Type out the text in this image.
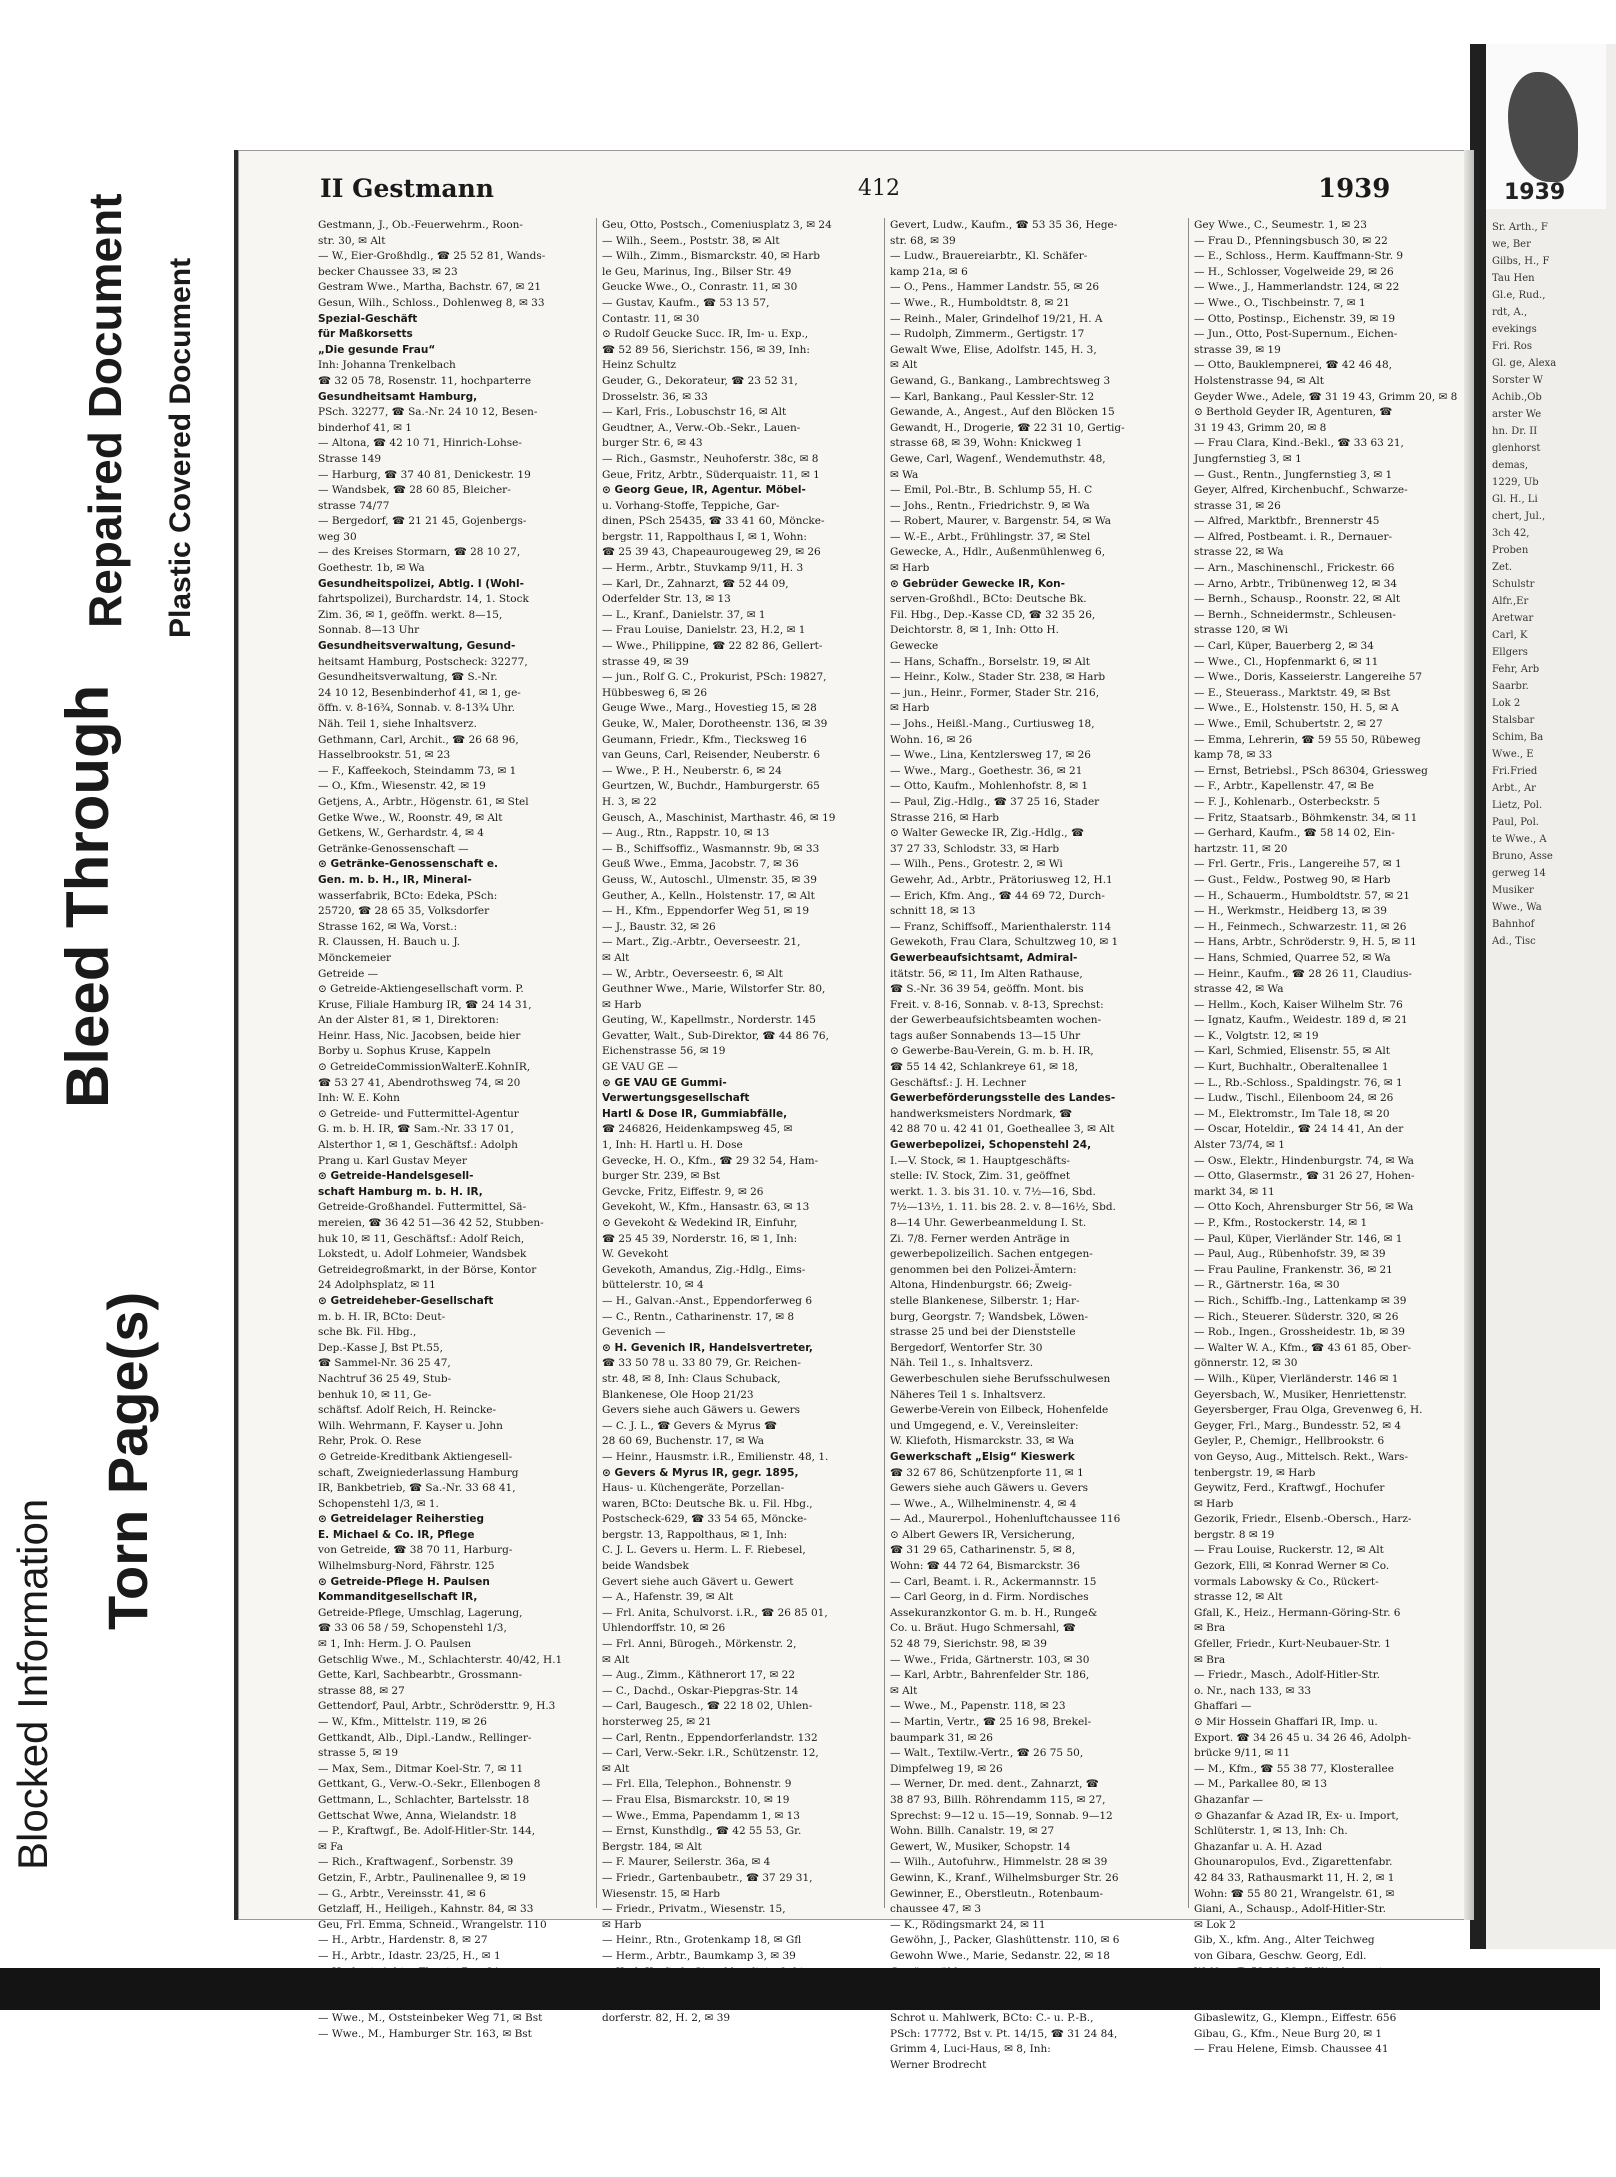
Blocked Information
Torn Page(s)
Bleed Through
Repaired Document Plastic Covered Document
1939
Sr. Arth., F
we, Ber
Gilbs, H., F
Tau Hen
Gl.e, Rud.,
rdt, A.,
evekings
Fri. Ros
Gl. ge, Alexa
Sorster W
Achib.,Ob
arster We
hn. Dr. II
glenhorst
demas,
1229, Ub
Gl. H., Li
chert, Jul.,
3ch 42,
Proben
Zet.
Schulstr
Alfr.,Er
Aretwar
Carl, K
Ellgers
Fehr, Arb
Saarbr.
Lok 2
Stalsbar
Schim, Ba
Wwe., E
Fri.Fried
Arbt., Ar
Lietz, Pol.
Paul, Pol.
te Wwe., A
Bruno, Asse
gerweg 14
Musiker
Wwe., Wa
Bahnhof
Ad., Tisc
II Gestmann	412	1939
Gestmann, J., Ob.-Feuerwehrm., Roon-
str. 30, ✉ Alt
— W., Eier-Großhdlg., ☎ 25 52 81, Wands-
becker Chaussee 33, ✉ 23
Gestram Wwe., Martha, Bachstr. 67, ✉ 21
Gesun, Wilh., Schloss., Dohlenweg 8, ✉ 33
Spezial-Geschäft
für Maßkorsetts
„Die gesunde Frau“
Inh: Johanna Trenkelbach
☎ 32 05 78, Rosenstr. 11, hochparterre
Gesundheitsamt Hamburg,
PSch. 32277, ☎ Sa.-Nr. 24 10 12, Besen-
binderhof 41, ✉ 1
— Altona, ☎ 42 10 71, Hinrich-Lohse-
Strasse 149
— Harburg, ☎ 37 40 81, Denickestr. 19
— Wandsbek, ☎ 28 60 85, Bleicher-
strasse 74/77
— Bergedorf, ☎ 21 21 45, Gojenbergs-
weg 30
— des Kreises Stormarn, ☎ 28 10 27,
Goethestr. 1b, ✉ Wa
Gesundheitspolizei, Abtlg. I (Wohl-
fahrtspolizei), Burchardstr. 14, 1. Stock
Zim. 36, ✉ 1, geöffn. werkt. 8—15,
Sonnab. 8—13 Uhr
Gesundheitsverwaltung, Gesund-
heitsamt Hamburg, Postscheck: 32277,
Gesundheitsverwaltung, ☎ S.-Nr.
24 10 12, Besenbinderhof 41, ✉ 1, ge-
öffn. v. 8-16¾, Sonnab. v. 8-13¾ Uhr.
Näh. Teil 1, siehe Inhaltsverz.
Gethmann, Carl, Archit., ☎ 26 68 96,
Hasselbrookstr. 51, ✉ 23
— F., Kaffeekoch, Steindamm 73, ✉ 1
— O., Kfm., Wiesenstr. 42, ✉ 19
Getjens, A., Arbtr., Högenstr. 61, ✉ Stel
Getke Wwe., W., Roonstr. 49, ✉ Alt
Getkens, W., Gerhardstr. 4, ✉ 4
Getränke-Genossenschaft —
⊙ Getränke-Genossenschaft e.
Gen. m. b. H., IR, Mineral-
wasserfabrik, BCto: Edeka, PSch:
25720, ☎ 28 65 35, Volksdorfer
Strasse 162, ✉ Wa, Vorst.:
R. Claussen, H. Bauch u. J.
Mönckemeier
Getreide —
⊙ Getreide-Aktiengesellschaft vorm. P.
Kruse, Filiale Hamburg IR, ☎ 24 14 31,
An der Alster 81, ✉ 1, Direktoren:
Heinr. Hass, Nic. Jacobsen, beide hier
Borby u. Sophus Kruse, Kappeln
⊙ GetreideCommissionWalterE.KohnIR,
☎ 53 27 41, Abendrothsweg 74, ✉ 20
Inh: W. E. Kohn
⊙ Getreide- und Futtermittel-Agentur
G. m. b. H. IR, ☎ Sam.-Nr. 33 17 01,
Alsterthor 1, ✉ 1, Geschäftsf.: Adolph
Prang u. Karl Gustav Meyer
⊙ Getreide-Handelsgesell-
schaft Hamburg m. b. H. IR,
Getreide-Großhandel. Futtermittel, Sä-
mereien, ☎ 36 42 51—36 42 52, Stubben-
huk 10, ✉ 11, Geschäftsf.: Adolf Reich,
Lokstedt, u. Adolf Lohmeier, Wandsbek
Getreidegroßmarkt, in der Börse, Kontor
24 Adolphsplatz, ✉ 11
⊙ Getreideheber-Gesellschaft
m. b. H. IR, BCto: Deut-
sche Bk. Fil. Hbg.,
Dep.-Kasse J, Bst Pt.55,
☎ Sammel-Nr. 36 25 47,
Nachtruf 36 25 49, Stub-
benhuk 10, ✉ 11, Ge-
schäftsf. Adolf Reich, H. Reincke-
Wilh. Wehrmann, F. Kayser u. John
Rehr, Prok. O. Rese
⊙ Getreide-Kreditbank Aktiengesell-
schaft, Zweigniederlassung Hamburg
IR, Bankbetrieb, ☎ Sa.-Nr. 33 68 41,
Schopenstehl 1/3, ✉ 1.
⊙ Getreidelager Reiherstieg
E. Michael & Co. IR, Pflege
von Getreide, ☎ 38 70 11, Harburg-
Wilhelmsburg-Nord, Fährstr. 125
⊙ Getreide-Pflege H. Paulsen
Kommanditgesellschaft IR,
Getreide-Pflege, Umschlag, Lagerung,
☎ 33 06 58 / 59, Schopenstehl 1/3,
✉ 1, Inh: Herm. J. O. Paulsen
Getschlig Wwe., M., Schlachterstr. 40/42, H.1
Gette, Karl, Sachbearbtr., Grossmann-
strasse 88, ✉ 27
Gettendorf, Paul, Arbtr., Schrödersttr. 9, H.3
— W., Kfm., Mittelstr. 119, ✉ 26
Gettkandt, Alb., Dipl.-Landw., Rellinger-
strasse 5, ✉ 19
— Max, Sem., Ditmar Koel-Str. 7, ✉ 11
Gettkant, G., Verw.-O.-Sekr., Ellenbogen 8
Gettmann, L., Schlachter, Bartelsstr. 18
Gettschat Wwe, Anna, Wielandstr. 18
— P., Kraftwgf., Be. Adolf-Hitler-Str. 144,
✉ Fa
— Rich., Kraftwagenf., Sorbenstr. 39
Getzin, F., Arbtr., Paulinenallee 9, ✉ 19
— G., Arbtr., Vereinsstr. 41, ✉ 6
Getzlaff, H., Heiligeh., Kahnstr. 84, ✉ 33
Geu, Frl. Emma, Schneid., Wrangelstr. 110
— H., Arbtr., Hardenstr. 8, ✉ 27
— H., Arbtr., Idastr. 23/25, H., ✉ 1
— Wwe., M., Oststeinbeker Weg 71, ✉ Bst
— Wwe., M., Hamburger Str. 163, ✉ Bst
Geu, Otto, Postsch., Comeniusplatz 3, ✉ 24
— Wilh., Seem., Poststr. 38, ✉ Alt
— Wilh., Zimm., Bismarckstr. 40, ✉ Harb
le Geu, Marinus, Ing., Bilser Str. 49
Geucke Wwe., O., Conrastr. 11, ✉ 30
— Gustav, Kaufm., ☎ 53 13 57,
Contastr. 11, ✉ 30
⊙ Rudolf Geucke Succ. IR, Im- u. Exp.,
☎ 52 89 56, Sierichstr. 156, ✉ 39, Inh:
Heinz Schultz
Geuder, G., Dekorateur, ☎ 23 52 31,
Drosselstr. 36, ✉ 33
— Karl, Fris., Lobuschstr 16, ✉ Alt
Geudtner, A., Verw.-Ob.-Sekr., Lauen-
burger Str. 6, ✉ 43
— Rich., Gasmstr., Neuhoferstr. 38c, ✉ 8
Geue, Fritz, Arbtr., Süderquaistr. 11, ✉ 1
⊙ Georg Geue, IR, Agentur. Möbel-
u. Vorhang-Stoffe, Teppiche, Gar-
dinen, PSch 25435, ☎ 33 41 60, Möncke-
bergstr. 11, Rappolthaus I, ✉ 1, Wohn:
☎ 25 39 43, Chapeaurougeweg 29, ✉ 26
— Herm., Arbtr., Stuvkamp 9/11, H. 3
— Karl, Dr., Zahnarzt, ☎ 52 44 09,
Oderfelder Str. 13, ✉ 13
— L., Kranf., Danielstr. 37, ✉ 1
— Frau Louise, Danielstr. 23, H.2, ✉ 1
— Wwe., Philippine, ☎ 22 82 86, Gellert-
strasse 49, ✉ 39
— jun., Rolf G. C., Prokurist, PSch: 19827,
Hübbesweg 6, ✉ 26
Geuge Wwe., Marg., Hovestieg 15, ✉ 28
Geuke, W., Maler, Dorotheenstr. 136, ✉ 39
Geumann, Friedr., Kfm., Tiecksweg 16
van Geuns, Carl, Reisender, Neuberstr. 6
— Wwe., P. H., Neuberstr. 6, ✉ 24
Geurtzen, W., Buchdr., Hamburgerstr. 65
H. 3, ✉ 22
Geusch, A., Maschinist, Marthastr. 46, ✉ 19
— Aug., Rtn., Rappstr. 10, ✉ 13
— B., Schiffsoffiz., Wasmannstr. 9b, ✉ 33
Geuß Wwe., Emma, Jacobstr. 7, ✉ 36
Geuss, W., Autoschl., Ulmenstr. 35, ✉ 39
Geuther, A., Kelln., Holstenstr. 17, ✉ Alt
— H., Kfm., Eppendorfer Weg 51, ✉ 19
— J., Baustr. 32, ✉ 26
— Mart., Zig.-Arbtr., Oeverseestr. 21,
✉ Alt
— W., Arbtr., Oeverseestr. 6, ✉ Alt
Geuthner Wwe., Marie, Wilstorfer Str. 80,
✉ Harb
Geuting, W., Kapellmstr., Norderstr. 145
Gevatter, Walt., Sub-Direktor, ☎ 44 86 76,
Eichenstrasse 56, ✉ 19
GE VAU GE —
⊙ GE VAU GE Gummi-
Verwertungsgesellschaft
Hartl & Dose IR, Gummiabfälle,
☎ 246826, Heidenkampsweg 45, ✉
1, Inh: H. Hartl u. H. Dose
Gevecke, H. O., Kfm., ☎ 29 32 54, Ham-
burger Str. 239, ✉ Bst
Gevcke, Fritz, Eiffestr. 9, ✉ 26
Gevekoht, W., Kfm., Hansastr. 63, ✉ 13
⊙ Gevekoht & Wedekind IR, Einfuhr,
☎ 25 45 39, Norderstr. 16, ✉ 1, Inh:
W. Gevekoht
Gevekoth, Amandus, Zig.-Hdlg., Eims-
büttelerstr. 10, ✉ 4
— H., Galvan.-Anst., Eppendorferweg 6
— C., Rentn., Catharinenstr. 17, ✉ 8
Gevenich —
⊙ H. Gevenich IR, Handelsvertreter,
☎ 33 50 78 u. 33 80 79, Gr. Reichen-
str. 48, ✉ 8, Inh: Claus Schuback,
Blankenese, Ole Hoop 21/23
Gevers siehe auch Gäwers u. Gewers
— C. J. L., ☎ Gevers & Myrus ☎
28 60 69, Buchenstr. 17, ✉ Wa
— Heinr., Hausmstr. i.R., Emilienstr. 48, 1.
⊙ Gevers & Myrus IR, gegr. 1895,
Haus- u. Küchengeräte, Porzellan-
waren, BCto: Deutsche Bk. u. Fil. Hbg.,
Postscheck-629, ☎ 33 54 65, Möncke-
bergstr. 13, Rappolthaus, ✉ 1, Inh:
C. J. L. Gevers u. Herm. L. F. Riebesel,
beide Wandsbek
Gevert siehe auch Gävert u. Gewert
— A., Hafenstr. 39, ✉ Alt
— Frl. Anita, Schulvorst. i.R., ☎ 26 85 01,
Uhlendorffstr. 10, ✉ 26
— Frl. Anni, Bürogeh., Mörkenstr. 2,
✉ Alt
— Aug., Zimm., Käthnerort 17, ✉ 22
— C., Dachd., Oskar-Piepgras-Str. 14
— Carl, Baugesch., ☎ 22 18 02, Uhlen-
horsterweg 25, ✉ 21
— Carl, Rentn., Eppendorferlandstr. 132
— Carl, Verw.-Sekr. i.R., Schützenstr. 12,
✉ Alt
— Frl. Ella, Telephon., Bohnenstr. 9
— Frau Elsa, Bismarckstr. 10, ✉ 19
— Wwe., Emma, Papendamm 1, ✉ 13
— Ernst, Kunsthdlg., ☎ 42 55 53, Gr.
Bergstr. 184, ✉ Alt
— F. Maurer, Seilerstr. 36a, ✉ 4
— Friedr., Gartenbaubetr., ☎ 37 29 31,
Wiesenstr. 15, ✉ Harb
— Friedr., Privatm., Wiesenstr. 15,
✉ Harb
— Heinr., Rtn., Grotenkamp 18, ✉ Gfl
— Herm., Arbtr., Baumkamp 3, ✉ 39
dorferstr. 82, H. 2, ✉ 39
Gevert, Ludw., Kaufm., ☎ 53 35 36, Hege-
str. 68, ✉ 39
— Ludw., Brauereiarbtr., Kl. Schäfer-
kamp 21a, ✉ 6
— O., Pens., Hammer Landstr. 55, ✉ 26
— Wwe., R., Humboldtstr. 8, ✉ 21
— Reinh., Maler, Grindelhof 19/21, H. A
— Rudolph, Zimmerm., Gertigstr. 17
Gewalt Wwe, Elise, Adolfstr. 145, H. 3,
✉ Alt
Gewand, G., Bankang., Lambrechtsweg 3
— Karl, Bankang., Paul Kessler-Str. 12
Gewande, A., Angest., Auf den Blöcken 15
Gewandt, H., Drogerie, ☎ 22 31 10, Gertig-
strasse 68, ✉ 39, Wohn: Knickweg 1
Gewe, Carl, Wagenf., Wendemuthstr. 48,
✉ Wa
— Emil, Pol.-Btr., B. Schlump 55, H. C
— Johs., Rentn., Friedrichstr. 9, ✉ Wa
— Robert, Maurer, v. Bargenstr. 54, ✉ Wa
— W.-E., Arbt., Frühlingstr. 37, ✉ Stel
Gewecke, A., Hdlr., Außenmühlenweg 6,
✉ Harb
⊙ Gebrüder Gewecke IR, Kon-
serven-Großhdl., BCto: Deutsche Bk.
Fil. Hbg., Dep.-Kasse CD, ☎ 32 35 26,
Deichtorstr. 8, ✉ 1, Inh: Otto H.
Gewecke
— Hans, Schaffn., Borselstr. 19, ✉ Alt
— Heinr., Kolw., Stader Str. 238, ✉ Harb
— jun., Heinr., Former, Stader Str. 216,
✉ Harb
— Johs., Heißl.-Mang., Curtiusweg 18,
Wohn. 16, ✉ 26
— Wwe., Lina, Kentzlersweg 17, ✉ 26
— Wwe., Marg., Goethestr. 36, ✉ 21
— Otto, Kaufm., Mohlenhofstr. 8, ✉ 1
— Paul, Zig.-Hdlg., ☎ 37 25 16, Stader
Strasse 216, ✉ Harb
⊙ Walter Gewecke IR, Zig.-Hdlg., ☎
37 27 33, Schlodstr. 33, ✉ Harb
— Wilh., Pens., Grotestr. 2, ✉ Wi
Gewehr, Ad., Arbtr., Prätoriusweg 12, H.1
— Erich, Kfm. Ang., ☎ 44 69 72, Durch-
schnitt 18, ✉ 13
— Franz, Schiffsoff., Marienthalerstr. 114
Gewekoth, Frau Clara, Schultzweg 10, ✉ 1
Gewerbeaufsichtsamt, Admiral-
itätstr. 56, ✉ 11, Im Alten Rathause,
☎ S.-Nr. 36 39 54, geöffn. Mont. bis
Freit. v. 8-16, Sonnab. v. 8-13, Sprechst:
der Gewerbeaufsichtsbeamten wochen-
tags außer Sonnabends 13—15 Uhr
⊙ Gewerbe-Bau-Verein, G. m. b. H. IR,
☎ 55 14 42, Schlankreye 61, ✉ 18,
Geschäftsf.: J. H. Lechner
Gewerbeförderungsstelle des Landes-
handwerksmeisters Nordmark, ☎
42 88 70 u. 42 41 01, Goetheallee 3, ✉ Alt
Gewerbepolizei, Schopenstehl 24,
I.—V. Stock, ✉ 1. Hauptgeschäfts-
stelle: IV. Stock, Zim. 31, geöffnet
werkt. 1. 3. bis 31. 10. v. 7½—16, Sbd.
7½—13½, 1. 11. bis 28. 2. v. 8—16½, Sbd.
8—14 Uhr. Gewerbeanmeldung I. St.
Zi. 7/8. Ferner werden Anträge in
gewerbepolizeilich. Sachen entgegen-
genommen bei den Polizei-Ämtern:
Altona, Hindenburgstr. 66; Zweig-
stelle Blankenese, Silberstr. 1; Har-
burg, Georgstr. 7; Wandsbek, Löwen-
strasse 25 und bei der Dienststelle
Bergedorf, Wentorfer Str. 30
Näh. Teil 1., s. Inhaltsverz.
Gewerbeschulen siehe Berufsschulwesen
Näheres Teil 1 s. Inhaltsverz.
Gewerbe-Verein von Eilbeck, Hohenfelde
und Umgegend, e. V., Vereinsleiter:
W. Kliefoth, Hismarckstr. 33, ✉ Wa
Gewerkschaft „Elsig“ Kieswerk
☎ 32 67 86, Schützenpforte 11, ✉ 1
Gewers siehe auch Gäwers u. Gevers
— Wwe., A., Wilhelminenstr. 4, ✉ 4
— Ad., Maurerpol., Hohenluftchaussee 116
⊙ Albert Gewers IR, Versicherung,
☎ 31 29 65, Catharinenstr. 5, ✉ 8,
Wohn: ☎ 44 72 64, Bismarckstr. 36
— Carl, Beamt. i. R., Ackermannstr. 15
— Carl Georg, in d. Firm. Nordisches
Assekuranzkontor G. m. b. H., Runge&
Co. u. Bräut. Hugo Schmersahl, ☎
52 48 79, Sierichstr. 98, ✉ 39
— Wwe., Frida, Gärtnerstr. 103, ✉ 30
— Karl, Arbtr., Bahrenfelder Str. 186,
✉ Alt
— Wwe., M., Papenstr. 118, ✉ 23
— Martin, Vertr., ☎ 25 16 98, Brekel-
baumpark 31, ✉ 26
— Walt., Textilw.-Vertr., ☎ 26 75 50,
Dimpfelweg 19, ✉ 26
— Werner, Dr. med. dent., Zahnarzt, ☎
38 87 93, Billh. Röhrendamm 115, ✉ 27,
Sprechst: 9—12 u. 15—19, Sonnab. 9—12
Wohn. Billh. Canalstr. 19, ✉ 27
Gewert, W., Musiker, Schopstr. 14
— Wilh., Autofuhrw., Himmelstr. 28 ✉ 39
Gewinn, K., Kranf., Wilhelmsburger Str. 26
Gewinner, E., Oberstleutn., Rotenbaum-
chaussee 47, ✉ 3
— K., Rödingsmarkt 24, ✉ 11
Gewöhn, J., Packer, Glashüttenstr. 110, ✉ 6
Gewohn Wwe., Marie, Sedanstr. 22, ✉ 18
Schrot u. Mahlwerk, BCto: C.- u. P.-B.,
PSch: 17772, Bst v. Pt. 14/15, ☎ 31 24 84,
Grimm 4, Luci-Haus, ✉ 8, Inh:
Werner Brodrecht
Gey Wwe., C., Seumestr. 1, ✉ 23
— Frau D., Pfenningsbusch 30, ✉ 22
— E., Schloss., Herm. Kauffmann-Str. 9
— H., Schlosser, Vogelweide 29, ✉ 26
— Wwe., J., Hammerlandstr. 124, ✉ 22
— Wwe., O., Tischbeinstr. 7, ✉ 1
— Otto, Postinsp., Eichenstr. 39, ✉ 19
— Jun., Otto, Post-Supernum., Eichen-
strasse 39, ✉ 19
— Otto, Bauklempnerei, ☎ 42 46 48,
Holstenstrasse 94, ✉ Alt
Geyder Wwe., Adele, ☎ 31 19 43, Grimm 20, ✉ 8
⊙ Berthold Geyder IR, Agenturen, ☎
31 19 43, Grimm 20, ✉ 8
— Frau Clara, Kind.-Bekl., ☎ 33 63 21,
Jungfernstieg 3, ✉ 1
— Gust., Rentn., Jungfernstieg 3, ✉ 1
Geyer, Alfred, Kirchenbuchf., Schwarze-
strasse 31, ✉ 26
— Alfred, Marktbfr., Brennerstr 45
— Alfred, Postbeamt. i. R., Dernauer-
strasse 22, ✉ Wa
— Arn., Maschinenschl., Frickestr. 66
— Arno, Arbtr., Tribünenweg 12, ✉ 34
— Bernh., Schausp., Roonstr. 22, ✉ Alt
— Bernh., Schneidermstr., Schleusen-
strasse 120, ✉ Wi
— Carl, Küper, Bauerberg 2, ✉ 34
— Wwe., Cl., Hopfenmarkt 6, ✉ 11
— Wwe., Doris, Kasseierstr. Langereihe 57
— E., Steuerass., Marktstr. 49, ✉ Bst
— Wwe., E., Holstenstr. 150, H. 5, ✉ A
— Wwe., Emil, Schubertstr. 2, ✉ 27
— Emma, Lehrerin, ☎ 59 55 50, Rübeweg
kamp 78, ✉ 33
— Ernst, Betriebsl., PSch 86304, Griessweg
— F., Arbtr., Kapellenstr. 47, ✉ Be
— F. J., Kohlenarb., Osterbeckstr. 5
— Fritz, Staatsarb., Böhmkenstr. 34, ✉ 11
— Gerhard, Kaufm., ☎ 58 14 02, Ein-
hartzstr. 11, ✉ 20
— Frl. Gertr., Fris., Langereihe 57, ✉ 1
— Gust., Feldw., Postweg 90, ✉ Harb
— H., Schauerm., Humboldtstr. 57, ✉ 21
— H., Werkmstr., Heidberg 13, ✉ 39
— H., Feinmech., Schwarzestr. 11, ✉ 26
— Hans, Arbtr., Schröderstr. 9, H. 5, ✉ 11
— Hans, Schmied, Quarree 52, ✉ Wa
— Heinr., Kaufm., ☎ 28 26 11, Claudius-
strasse 42, ✉ Wa
— Hellm., Koch, Kaiser Wilhelm Str. 76
— Ignatz, Kaufm., Weidestr. 189 d, ✉ 21
— K., Volgtstr. 12, ✉ 19
— Karl, Schmied, Elisenstr. 55, ✉ Alt
— Kurt, Buchhaltr., Oberaltenallee 1
— L., Rb.-Schloss., Spaldingstr. 76, ✉ 1
— Ludw., Tischl., Eilenboom 24, ✉ 26
— M., Elektromstr., Im Tale 18, ✉ 20
— Oscar, Hoteldir., ☎ 24 14 41, An der
Alster 73/74, ✉ 1
— Osw., Elektr., Hindenburgstr. 74, ✉ Wa
— Otto, Glasermstr., ☎ 31 26 27, Hohen-
markt 34, ✉ 11
— Otto Koch, Ahrensburger Str 56, ✉ Wa
— P., Kfm., Rostockerstr. 14, ✉ 1
— Paul, Küper, Vierländer Str. 146, ✉ 1
— Paul, Aug., Rübenhofstr. 39, ✉ 39
— Frau Pauline, Frankenstr. 36, ✉ 21
— R., Gärtnerstr. 16a, ✉ 30
— Rich., Schiffb.-Ing., Lattenkamp ✉ 39
— Rich., Steuerer. Süderstr. 320, ✉ 26
— Rob., Ingen., Grossheidestr. 1b, ✉ 39
— Walter W. A., Kfm., ☎ 43 61 85, Ober-
gönnerstr. 12, ✉ 30
— Wilh., Küper, Vierländerstr. 146 ✉ 1
Geyersbach, W., Musiker, Henriettenstr.
Geyersberger, Frau Olga, Grevenweg 6, H.
Geyger, Frl., Marg., Bundesstr. 52, ✉ 4
Geyler, P., Chemigr., Hellbrookstr. 6
von Geyso, Aug., Mittelsch. Rekt., Wars-
tenbergstr. 19, ✉ Harb
Geywitz, Ferd., Kraftwgf., Hochufer
✉ Harb
Gezorik, Friedr., Elsenb.-Obersch., Harz-
bergstr. 8 ✉ 19
— Frau Louise, Ruckerstr. 12, ✉ Alt
Gezork, Elli, ✉ Konrad Werner ✉ Co.
vormals Labowsky & Co., Rückert-
strasse 12, ✉ Alt
Gfall, K., Heiz., Hermann-Göring-Str. 6
✉ Bra
Gfeller, Friedr., Kurt-Neubauer-Str. 1
✉ Bra
— Friedr., Masch., Adolf-Hitler-Str.
o. Nr., nach 133, ✉ 33
Ghaffari —
⊙ Mir Hossein Ghaffari IR, Imp. u.
Export. ☎ 34 26 45 u. 34 26 46, Adolph-
brücke 9/11, ✉ 11
— M., Kfm., ☎ 55 38 77, Klosterallee
— M., Parkallee 80, ✉ 13
Ghazanfar —
⊙ Ghazanfar & Azad IR, Ex- u. Import,
Schlüterstr. 1, ✉ 13, Inh: Ch.
Ghazanfar u. A. H. Azad
Ghounaropulos, Evd., Zigarettenfabr.
42 84 33, Rathausmarkt 11, H. 2, ✉ 1
Wohn: ☎ 55 80 21, Wrangelstr. 61, ✉
Giani, A., Schausp., Adolf-Hitler-Str.
✉ Lok 2
Gib, X., kfm. Ang., Alter Teichweg
von Gibara, Geschw. Georg, Edl.
Gibaslewitz, G., Klempn., Eiffestr. 656
Gibau, G., Kfm., Neue Burg 20, ✉ 1
— Frau Helene, Eimsb. Chaussee 41
